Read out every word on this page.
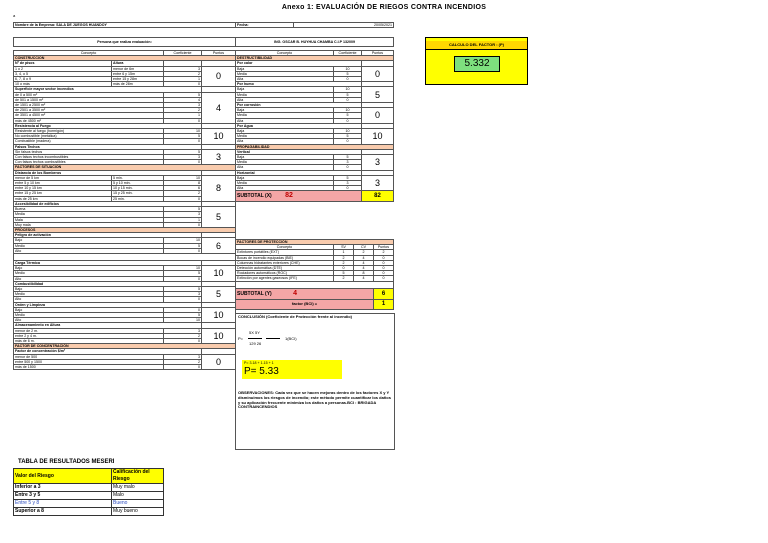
Anexo 1: EVALUACIÓN DE RIEGOS CONTRA INCENDIOS
a
Nombre de la Empresa: SALA DE JUEGOS HUANDOY	Fecha:	20/05/2021
Persona que realiza evaluación:	ING. OSCAR B. HUYHUA CHAMBA C.I.P 132009
Concepto		Coeficiente	Puntos
CONSTRUCCION			
Nº de pisos	Altura		
1 o 2	menor de 6m	3	0
3, 4, o 5	entre 6 y 15m	2	
6, 7, 8 o 9	entre 15 y 28m	1	
10 o más	más de 28m	0	
Superficie mayor sector incendios			
de 0 a 500 m²		5	4
de 501 a 1500 m²		4	
de 1501 a 2500 m²		3	
de 2501 a 3500 m²		2	
de 3501 a 4500 m²		1	
más de 4500 m²		0	
Resistencia al Fuego			
Resistente al fuego (hormigón)		10	10
No combustible (metálica)		5	
Combustible (madera)		0	
Falsos Techos			
Sin falsos techos		5	3
Con falsos techos incombustibles		3	
Con falsos techos combustibles		0	
FACTORES DE SITUACION			
Distancia de los Bomberos			
menor de 5 km	5 min.	10	8
entre 5 y 10 km	5 y 10 min.	8	
entre 10 y 15 km	10 y 15 min.	6	
entre 15 y 25 km	15 y 25 min.	2	
más de 25 km	25 min.	0	
Accesibilidad de edificios			
Buena		5	5
Media		3	
Mala		1	
Muy mala		0	
PROCESOS			
Peligro de activación			
Bajo		10	6
Medio		5	
Alto		0	

Carga Térmica			
Bajo		10	10
Medio		5	
Alto		0	
Combustibilidad			
Bajo		5	5
Medio		3	
Alto		0	
Orden y Limpieza			
Bajo		0	10
Medio		5	
Alto		10	
Almacenamiento en Altura			
menor de 2 m.		3	10
entre 2 y 4 m.		2	
más de 6 m.		0	
FACTOR DE CONCENTRACIÓN			
Factor de concentración $/m²			
menor de 500		3	0
entre 500 y 1500		2	
más de 1500		0	
Concepto	Coeficiente	Puntos
DESTRUCTIBILIDAD		
Por calor		
Baja	10	0
Media	5	
Alta	0	
Por humo		
Baja	10	5
Media	5	
Alta	0	
Por corrosión		
Baja	10	0
Media	5	
Alta	0	
Por Agua		
Baja	10	10
Media	5	
Alta	0	
PROPAGABILIDAD		
Vertical		
Baja	5	3
Media	3	
Alta	0	
Horizontal		
Baja	5	3
Media	3	
Alta	0	
SUBTOTAL (X) 82		82
FACTORES DE PROTECCIÓN			
Concepto	SV	CV	Puntos
Extintores portátiles (EXT)	1	2	2
Bocas de incendio equipadas (BIE)	2	4	0
Columnas hidratantes exteriores (CHE)	2	4	0
Detección automática (DTE)	0	4	0
Rociadores automáticos (ROC)	5	8	0
Extinción por agentes gaseosos (IFE)	2	4	0

SUBTOTAL (Y) 4			6
factor (BCI) =			1
CONCLUSIÓN (Coeficiente de Protección frente al incendio)
5X 5Y
P=	1(BCI)
129 26
P= 3.18 + 1.15 + 1
P= 5.33
OBSERVACIONES: Cada vez que se hacen mejoras dentro de los factores X y Y disminuimos los riesgos de incendio; este método permite cuantificar los daños y su aplicación frecuente minimiza los daños a personas.BCI : BRIGADA CONTRAINCENDIOS
CALCULO DEL FACTOR : (P)
5.332
TABLA DE RESULTADOS MESERI
Valor del Riesgo	Calificación del Riesgo
Inferior a 3	Muy malo
Entre 3 y 5	Malo
Entre 5 y 8	Bueno
Superior a 8	Muy bueno
